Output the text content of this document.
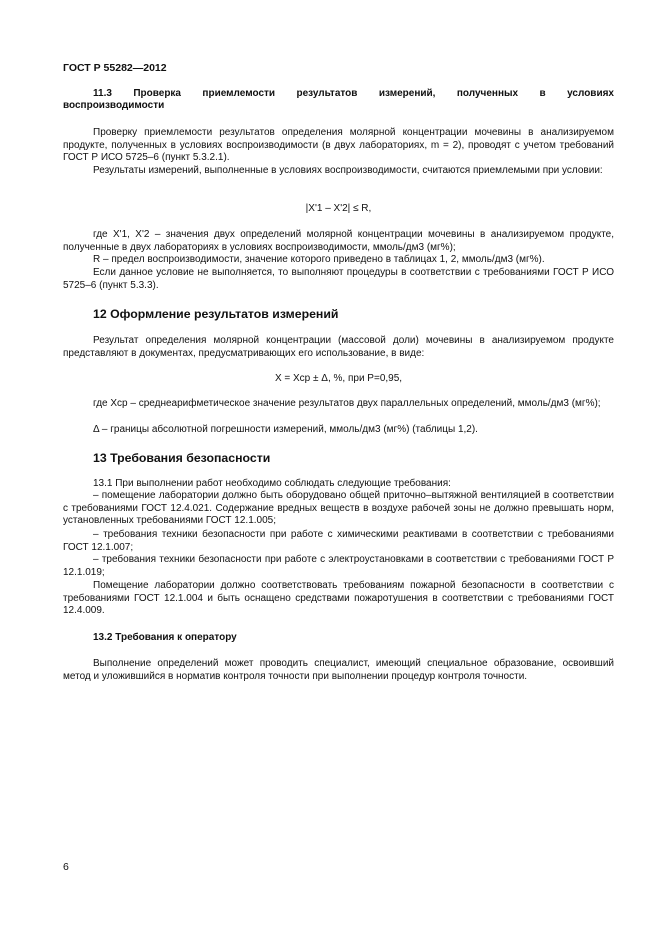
ГОСТ Р 55282—2012
11.3 Проверка приемлемости результатов измерений, полученных в условиях
воспроизводимости
Проверку приемлемости результатов определения молярной концентрации мочевины в анализируемом продукте, полученных в условиях воспроизводимости (в двух лабораториях, m = 2), проводят с учетом требований ГОСТ Р ИСО 5725–6 (пункт 5.3.2.1).
Результаты измерений, выполненные в условиях воспроизводимости, считаются приемлемыми при условии:
|X'1 – X'2| ≤ R,
где X'1, X'2 – значения двух определений молярной концентрации мочевины в анализируемом продукте, полученные в двух лабораториях в условиях воспроизводимости, ммоль/дм3 (мг%);
R – предел воспроизводимости, значение которого приведено в таблицах 1, 2, ммоль/дм3 (мг%).
Если данное условие не выполняется, то выполняют процедуры в соответствии с требованиями ГОСТ Р ИСО 5725–6 (пункт 5.3.3).
12 Оформление результатов измерений
Результат определения молярной концентрации (массовой доли) мочевины в анализируемом продукте представляют в документах, предусматривающих его использование, в виде:
X = Xср ± Δ, %, при P=0,95,
где Xср – среднеарифметическое значение результатов двух параллельных определений, ммоль/дм3 (мг%);
Δ – границы абсолютной погрешности измерений, ммоль/дм3 (мг%) (таблицы 1,2).
13 Требования безопасности
13.1 При выполнении работ необходимо соблюдать следующие требования:
– помещение лаборатории должно быть оборудовано общей приточно–вытяжной вентиляцией в соответствии с требованиями ГОСТ 12.4.021. Содержание вредных веществ в воздухе рабочей зоны не должно превышать норм, установленных требованиями ГОСТ 12.1.005;
– требования техники безопасности при работе с химическими реактивами в соответствии с требованиями ГОСТ 12.1.007;
– требования техники безопасности при работе с электроустановками в соответствии с требованиями ГОСТ Р 12.1.019;
Помещение лаборатории должно соответствовать требованиям пожарной безопасности в соответствии с требованиями ГОСТ 12.1.004 и быть оснащено средствами пожаротушения в соответствии с требованиями ГОСТ 12.4.009.
13.2 Требования к оператору
Выполнение определений может проводить специалист, имеющий специальное образование, освоивший метод и уложившийся в норматив контроля точности при выполнении процедур контроля точности.
6
